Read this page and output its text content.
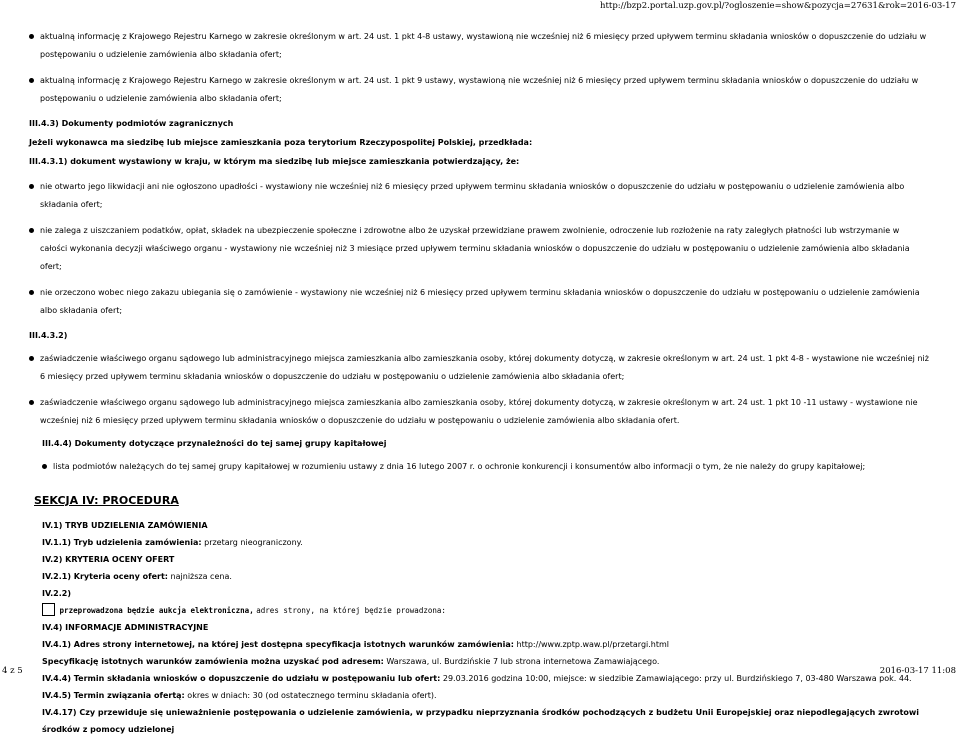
http://bzp2.portal.uzp.gov.pl/?ogloszenie=show&pozycja=27631&rok=2016-03-17
aktualną informację z Krajowego Rejestru Karnego w zakresie określonym w art. 24 ust. 1 pkt 4-8 ustawy, wystawioną nie wcześniej niż 6 miesięcy przed upływem terminu składania wniosków o dopuszczenie do udziału w postępowaniu o udzielenie zamówienia albo składania ofert;
aktualną informację z Krajowego Rejestru Karnego w zakresie określonym w art. 24 ust. 1 pkt 9 ustawy, wystawioną nie wcześniej niż 6 miesięcy przed upływem terminu składania wniosków o dopuszczenie do udziału w postępowaniu o udzielenie zamówienia albo składania ofert;
III.4.3) Dokumenty podmiotów zagranicznych
Jeżeli wykonawca ma siedzibę lub miejsce zamieszkania poza terytorium Rzeczypospolitej Polskiej, przedkłada:
III.4.3.1) dokument wystawiony w kraju, w którym ma siedzibę lub miejsce zamieszkania potwierdzający, że:
nie otwarto jego likwidacji ani nie ogłoszono upadłości - wystawiony nie wcześniej niż 6 miesięcy przed upływem terminu składania wniosków o dopuszczenie do udziału w postępowaniu o udzielenie zamówienia albo składania ofert;
nie zalega z uiszczaniem podatków, opłat, składek na ubezpieczenie społeczne i zdrowotne albo że uzyskał przewidziane prawem zwolnienie, odroczenie lub rozłożenie na raty zaległych płatności lub wstrzymanie w całości wykonania decyzji właściwego organu - wystawiony nie wcześniej niż 3 miesiące przed upływem terminu składania wniosków o dopuszczenie do udziału w postępowaniu o udzielenie zamówienia albo składania ofert;
nie orzeczono wobec niego zakazu ubiegania się o zamówienie - wystawiony nie wcześniej niż 6 miesięcy przed upływem terminu składania wniosków o dopuszczenie do udziału w postępowaniu o udzielenie zamówienia albo składania ofert;
III.4.3.2)
zaświadczenie właściwego organu sądowego lub administracyjnego miejsca zamieszkania albo zamieszkania osoby, której dokumenty dotyczą, w zakresie określonym w art. 24 ust. 1 pkt 4-8 - wystawione nie wcześniej niż 6 miesięcy przed upływem terminu składania wniosków o dopuszczenie do udziału w postępowaniu o udzielenie zamówienia albo składania ofert;
zaświadczenie właściwego organu sądowego lub administracyjnego miejsca zamieszkania albo zamieszkania osoby, której dokumenty dotyczą, w zakresie określonym w art. 24 ust. 1 pkt 10 -11 ustawy - wystawione nie wcześniej niż 6 miesięcy przed upływem terminu składania wniosków o dopuszczenie do udziału w postępowaniu o udzielenie zamówienia albo składania ofert.
III.4.4) Dokumenty dotyczące przynależności do tej samej grupy kapitałowej
lista podmiotów należących do tej samej grupy kapitałowej w rozumieniu ustawy z dnia 16 lutego 2007 r. o ochronie konkurencji i konsumentów albo informacji o tym, że nie należy do grupy kapitałowej;
SEKCJA IV: PROCEDURA
IV.1) TRYB UDZIELENIA ZAMÓWIENIA
IV.1.1) Tryb udzielenia zamówienia: przetarg nieograniczony.
IV.2) KRYTERIA OCENY OFERT
IV.2.1) Kryteria oceny ofert: najniższa cena.
IV.2.2)
przeprowadzona będzie aukcja elektroniczna, adres strony, na której będzie prowadzona:
IV.4) INFORMACJE ADMINISTRACYJNE
IV.4.1) Adres strony internetowej, na której jest dostępna specyfikacja istotnych warunków zamówienia: http://www.zptp.waw.pl/przetargi.html
Specyfikację istotnych warunków zamówienia można uzyskać pod adresem: Warszawa, ul. Burdzińskie 7 lub strona internetowa Zamawiającego.
IV.4.4) Termin składania wniosków o dopuszczenie do udziału w postępowaniu lub ofert: 29.03.2016 godzina 10:00, miejsce: w siedzibie Zamawiającego: przy ul. Burdzińskiego 7, 03-480 Warszawa pok. 44.
IV.4.5) Termin związania ofertą: okres w dniach: 30 (od ostatecznego terminu składania ofert).
IV.4.17) Czy przewiduje się unieważnienie postępowania o udzielenie zamówienia, w przypadku nieprzyznania środków pochodzących z budżetu Unii Europejskiej oraz niepodlegających zwrotowi środków z pomocy udzielonej
4 z 5	2016-03-17 11:08
